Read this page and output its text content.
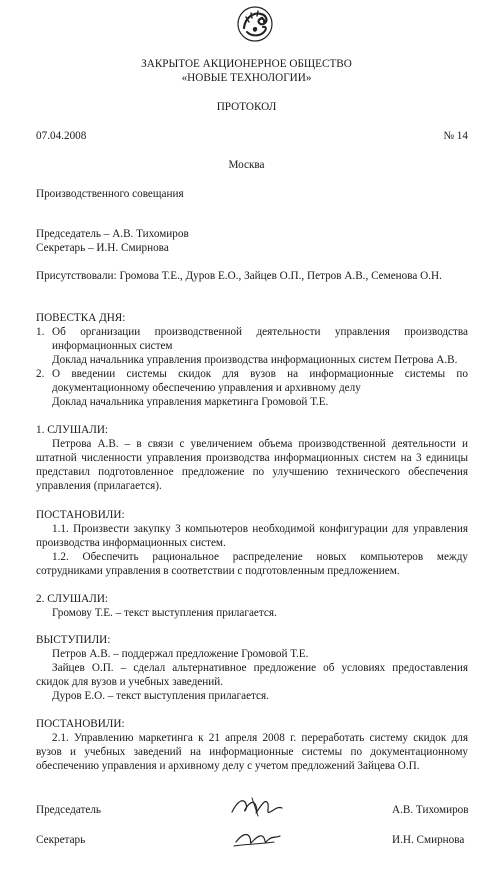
ЗАКРЫТОЕ АКЦИОНЕРНОЕ ОБЩЕСТВО
«НОВЫЕ ТЕХНОЛОГИИ»
ПРОТОКОЛ
07.04.2008	№ 14
Москва
Производственного совещания
Председатель – А.В. Тихомиров
Секретарь – И.Н. Смирнова
Присутствовали: Громова Т.Е., Дуров Е.О., Зайцев О.П., Петров А.В., Семенова О.Н.
ПОВЕСТКА ДНЯ:
1. Об организации производственной деятельности управления производства информационных систем
Доклад начальника управления производства информационных систем Петрова А.В.
2. О введении системы скидок для вузов на информационные системы по документационному обеспечению управления и архивному делу
Доклад начальника управления маркетинга Громовой Т.Е.
1. СЛУШАЛИ:
Петрова А.В. – в связи с увеличением объема производственной деятельности и штатной численности управления производства информационных систем на 3 единицы представил подготовленное предложение по улучшению технического обеспечения управления (прилагается).
ПОСТАНОВИЛИ:
1.1. Произвести закупку 3 компьютеров необходимой конфигурации для управления производства информационных систем.
1.2. Обеспечить рациональное распределение новых компьютеров между сотрудниками управления в соответствии с подготовленным предложением.
2. СЛУШАЛИ:
Громову Т.Е. – текст выступления прилагается.
ВЫСТУПИЛИ:
Петров А.В. – поддержал предложение Громовой Т.Е.
Зайцев О.П. – сделал альтернативное предложение об условиях предоставления скидок для вузов и учебных заведений.
Дуров Е.О. – текст выступления прилагается.
ПОСТАНОВИЛИ:
2.1. Управлению маркетинга к 21 апреля 2008 г. переработать систему скидок для вузов и учебных заведений на информационные системы по документационному обеспечению управления и архивному делу с учетом предложений Зайцева О.П.
Председатель	А.В. Тихомиров
Секретарь	И.Н. Смирнова
